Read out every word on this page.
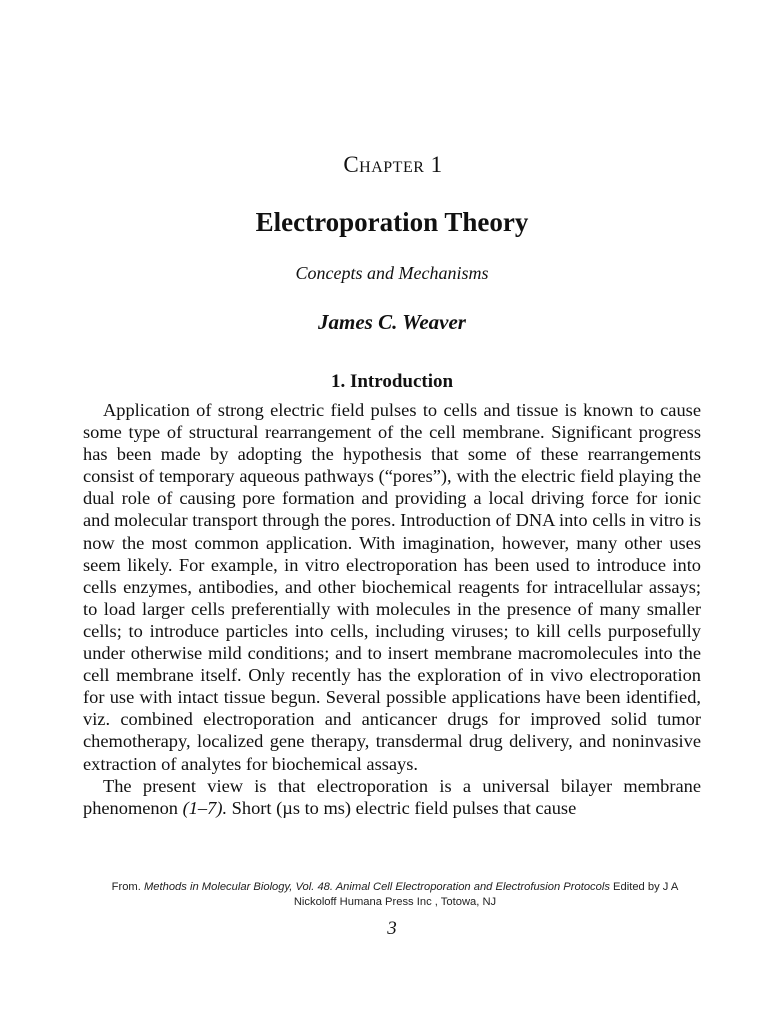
Chapter 1
Electroporation Theory
Concepts and Mechanisms
James C. Weaver
1. Introduction

Application of strong electric field pulses to cells and tissue is known to cause some type of structural rearrangement of the cell membrane. Significant progress has been made by adopting the hypothesis that some of these rearrangements consist of temporary aqueous pathways (“pores”), with the electric field playing the dual role of causing pore formation and providing a local driving force for ionic and molecular transport through the pores. Introduction of DNA into cells in vitro is now the most common application. With imagination, however, many other uses seem likely. For example, in vitro electroporation has been used to introduce into cells enzymes, antibodies, and other biochemical reagents for intracellular assays; to load larger cells preferentially with molecules in the presence of many smaller cells; to introduce particles into cells, including viruses; to kill cells purposefully under otherwise mild conditions; and to insert membrane macromolecules into the cell membrane itself. Only recently has the exploration of in vivo electroporation for use with intact tissue begun. Several possible applications have been identified, viz. combined electroporation and anticancer drugs for improved solid tumor chemotherapy, localized gene therapy, transdermal drug delivery, and noninvasive extraction of analytes for biochemical assays.

The present view is that electroporation is a universal bilayer membrane phenomenon (1–7). Short (µs to ms) electric field pulses that cause

From. Methods in Molecular Biology, Vol. 48. Animal Cell Electroporation and Electrofusion Protocols Edited by J A Nickoloff Humana Press Inc , Totowa, NJ
3
